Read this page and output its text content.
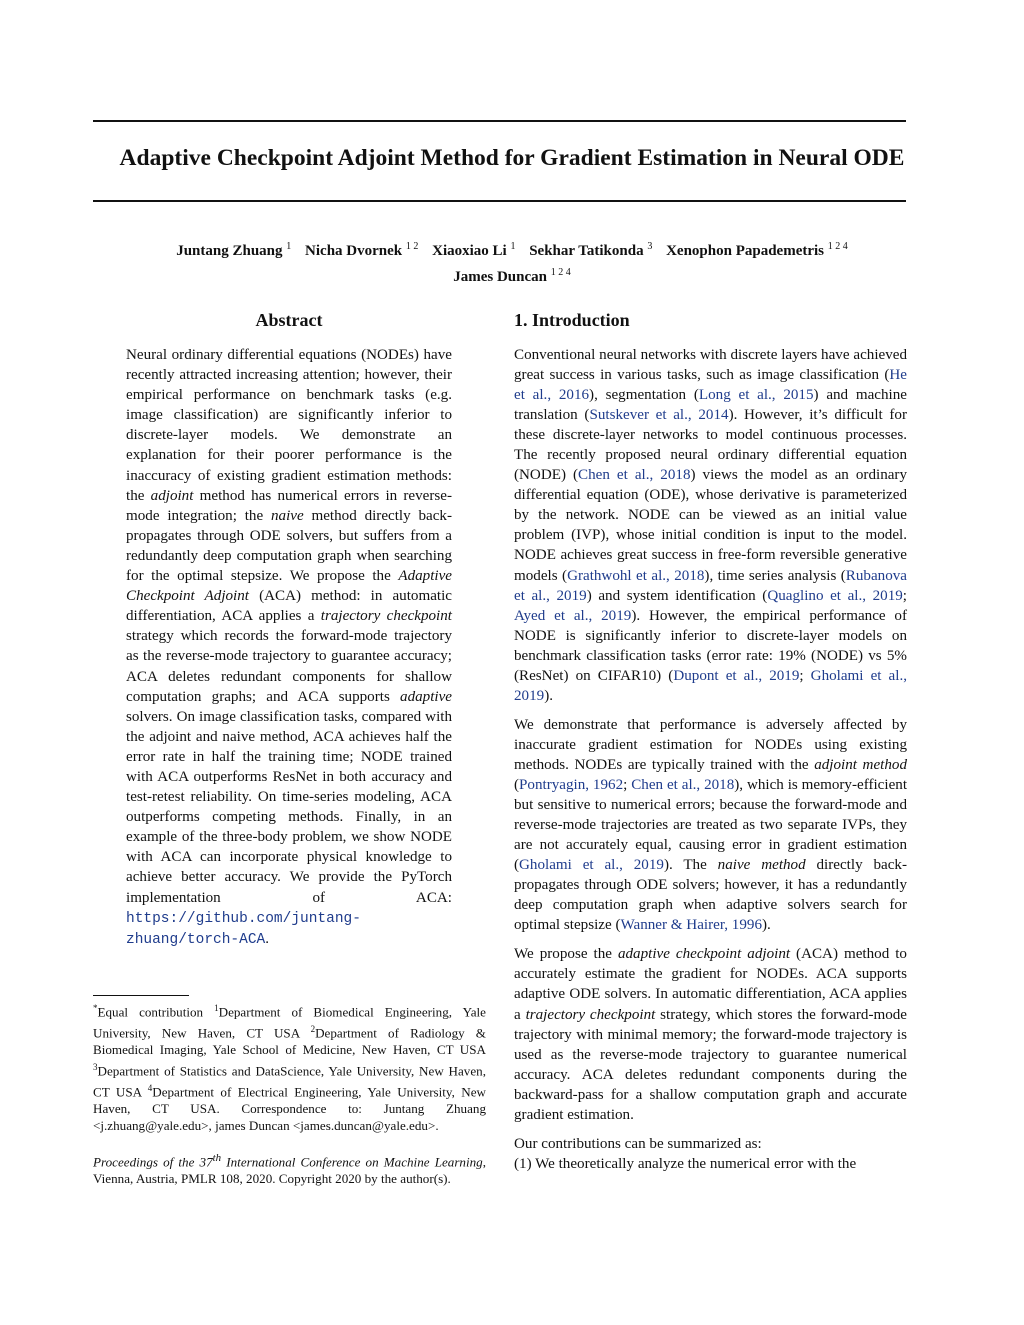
Adaptive Checkpoint Adjoint Method for Gradient Estimation in Neural ODE
Juntang Zhuang $^1$ Nicha Dvornek $^{1 2}$ Xiaoxiao Li $^1$ Sekhar Tatikonda $^3$ Xenophon Papademetris $^{1 2 4}$
James Duncan $^{1 2 4}$
Abstract
Neural ordinary differential equations (NODEs) have recently attracted increasing attention; however, their empirical performance on benchmark tasks (e.g. image classification) are significantly inferior to discrete-layer models. We demonstrate an explanation for their poorer performance is the inaccuracy of existing gradient estimation methods: the adjoint method has numerical errors in reverse-mode integration; the naive method directly back-propagates through ODE solvers, but suffers from a redundantly deep computation graph when searching for the optimal stepsize. We propose the Adaptive Checkpoint Adjoint (ACA) method: in automatic differentiation, ACA applies a trajectory checkpoint strategy which records the forward-mode trajectory as the reverse-mode trajectory to guarantee accuracy; ACA deletes redundant components for shallow computation graphs; and ACA supports adaptive solvers. On image classification tasks, compared with the adjoint and naive method, ACA achieves half the error rate in half the training time; NODE trained with ACA outperforms ResNet in both accuracy and test-retest reliability. On time-series modeling, ACA outperforms competing methods. Finally, in an example of the three-body problem, we show NODE with ACA can incorporate physical knowledge to achieve better accuracy. We provide the PyTorch implementation of ACA: https://github.com/juntang-zhuang/torch-ACA.
*Equal contribution $^1$Department of Biomedical Engineering, Yale University, New Haven, CT USA $^2$Department of Radiology & Biomedical Imaging, Yale School of Medicine, New Haven, CT USA $^3$Department of Statistics and DataScience, Yale University, New Haven, CT USA $^4$Department of Electrical Engineering, Yale University, New Haven, CT USA. Correspondence to: Juntang Zhuang <j.zhuang@yale.edu>, james Duncan <james.duncan@yale.edu>.
Proceedings of the 37th International Conference on Machine Learning, Vienna, Austria, PMLR 108, 2020. Copyright 2020 by the author(s).
1. Introduction

Conventional neural networks with discrete layers have achieved great success in various tasks, such as image classification (He et al., 2016), segmentation (Long et al., 2015) and machine translation (Sutskever et al., 2014). However, it’s difficult for these discrete-layer networks to model continuous processes. The recently proposed neural ordinary differential equation (NODE) (Chen et al., 2018) views the model as an ordinary differential equation (ODE), whose derivative is parameterized by the network. NODE can be viewed as an initial value problem (IVP), whose initial condition is input to the model. NODE achieves great success in free-form reversible generative models (Grathwohl et al., 2018), time series analysis (Rubanova et al., 2019) and system identification (Quaglino et al., 2019; Ayed et al., 2019). However, the empirical performance of NODE is significantly inferior to discrete-layer models on benchmark classification tasks (error rate: 19% (NODE) vs 5% (ResNet) on CIFAR10) (Dupont et al., 2019; Gholami et al., 2019).

We demonstrate that performance is adversely affected by inaccurate gradient estimation for NODEs using existing methods. NODEs are typically trained with the adjoint method (Pontryagin, 1962; Chen et al., 2018), which is memory-efficient but sensitive to numerical errors; because the forward-mode and reverse-mode trajectories are treated as two separate IVPs, they are not accurately equal, causing error in gradient estimation (Gholami et al., 2019). The naive method directly back-propagates through ODE solvers; however, it has a redundantly deep computation graph when adaptive solvers search for optimal stepsize (Wanner & Hairer, 1996).

We propose the adaptive checkpoint adjoint (ACA) method to accurately estimate the gradient for NODEs. ACA supports adaptive ODE solvers. In automatic differentiation, ACA applies a trajectory checkpoint strategy, which stores the forward-mode trajectory with minimal memory; the forward-mode trajectory is used as the reverse-mode trajectory to guarantee numerical accuracy. ACA deletes redundant components during the backward-pass for a shallow computation graph and accurate gradient estimation.

Our contributions can be summarized as:
(1) We theoretically analyze the numerical error with the
